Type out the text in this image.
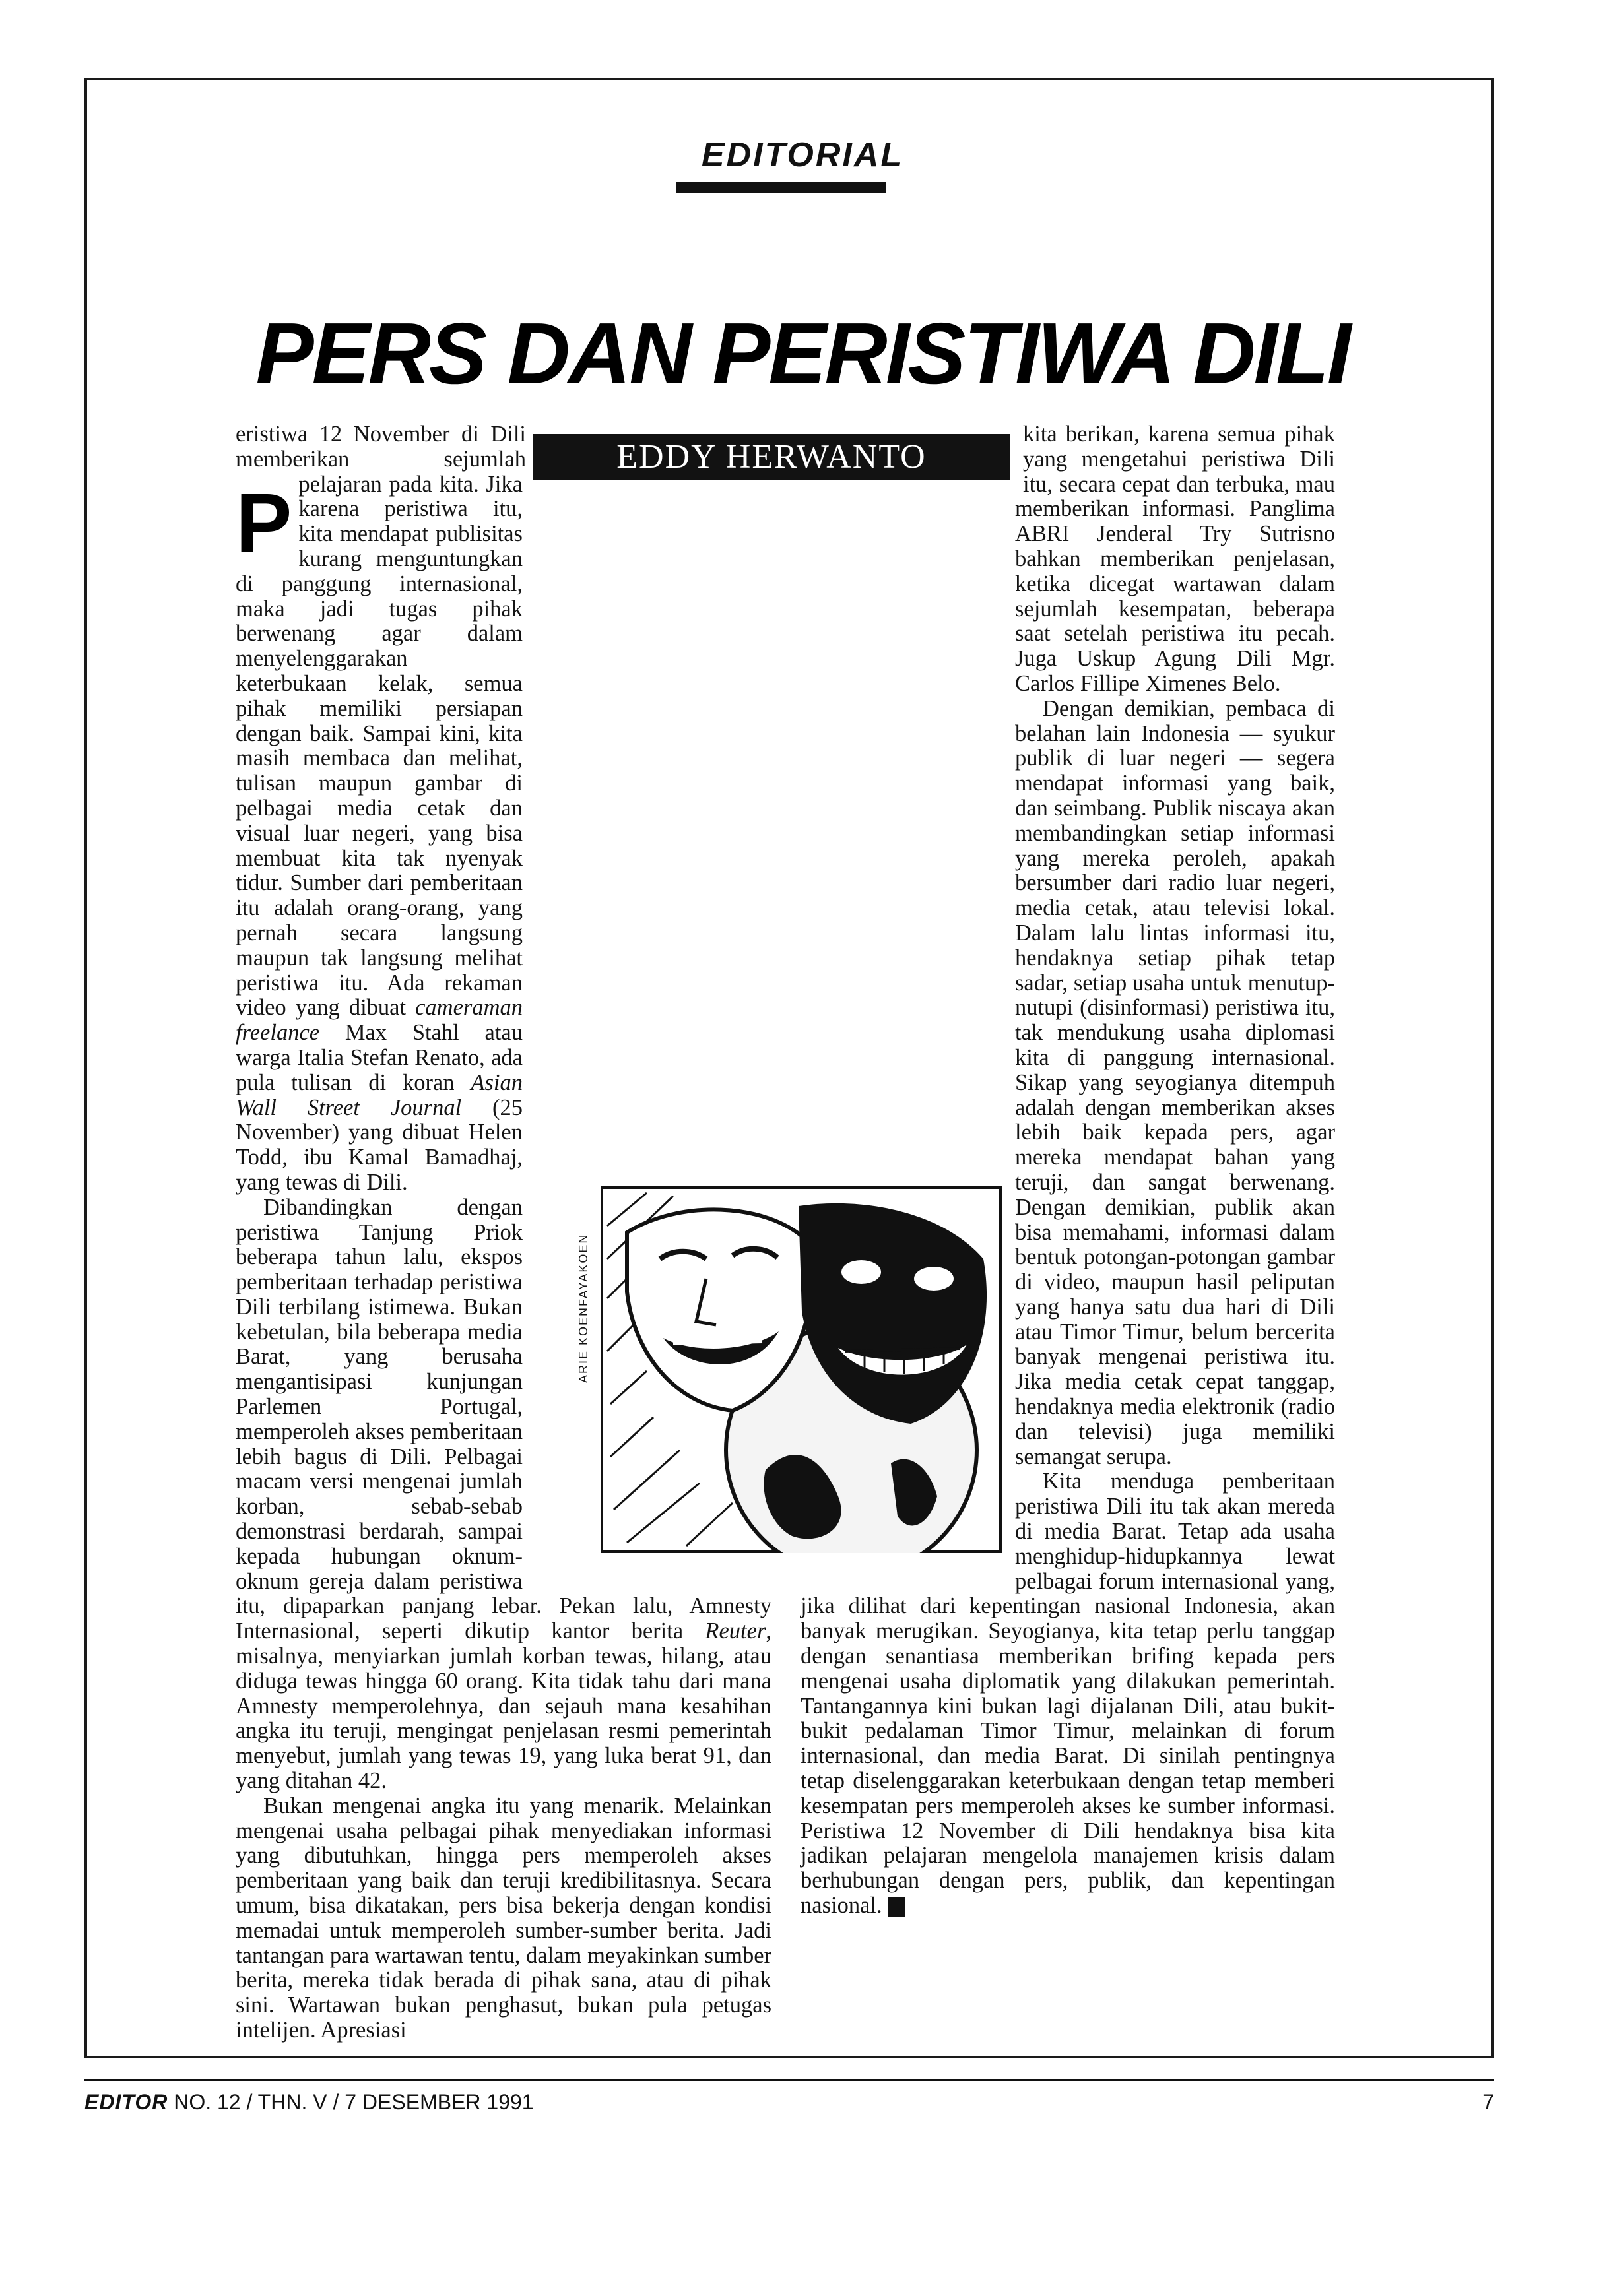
EDITORIAL
PERS DAN PERISTIWA DILI
EDDY HERWANTO

P
eristiwa 12 November di Dili memberikan sejumlah pelajaran pada kita. Jika karena peristiwa itu, kita mendapat publisitas kurang menguntungkan di panggung internasional, maka jadi tugas pihak berwenang agar dalam menyelenggarakan keterbukaan kelak, semua pihak memiliki persiapan dengan baik. Sampai kini, kita masih membaca dan melihat, tulisan maupun gambar di pelbagai media cetak dan visual luar negeri, yang bisa membuat kita tak nyenyak tidur. Sumber dari pemberitaan itu adalah orang-orang, yang pernah secara langsung maupun tak langsung melihat peristiwa itu. Ada rekaman video yang dibuat cameraman freelance Max Stahl atau warga Italia Stefan Renato, ada pula tulisan di koran Asian Wall Street Journal (25 November) yang dibuat Helen Todd, ibu Kamal Bamadhaj, yang tewas di Dili.

Dibandingkan dengan peristiwa Tanjung Priok beberapa tahun lalu, ekspos pemberitaan terhadap peristiwa Dili terbilang istimewa. Bukan kebetulan, bila beberapa media Barat, yang berusaha mengantisipasi kunjungan Parlemen Portugal, memperoleh akses pemberitaan lebih bagus di Dili. Pelbagai macam versi mengenai jumlah korban, sebab-sebab demonstrasi berdarah, sampai kepada hubungan oknum-oknum gereja dalam peristiwa itu, dipaparkan panjang lebar. Pekan lalu, Amnesty Internasional, seperti dikutip kantor berita Reuter, misalnya, menyiarkan jumlah korban tewas, hilang, atau diduga tewas hingga 60 orang. Kita tidak tahu dari mana Amnesty memperolehnya, dan sejauh mana kesahihan angka itu teruji, mengingat penjelasan resmi pemerintah menyebut, jumlah yang tewas 19, yang luka berat 91, dan yang ditahan 42.

Bukan mengenai angka itu yang menarik. Melainkan mengenai usaha pelbagai pihak menyediakan informasi yang dibutuhkan, hingga pers memperoleh akses pemberitaan yang baik dan teruji kredibilitasnya. Secara umum, bisa dikatakan, pers bisa bekerja dengan kondisi memadai untuk memperoleh sumber-sumber berita. Jadi tantangan para wartawan tentu, dalam meyakinkan sumber berita, mereka tidak berada di pihak sana, atau di pihak sini. Wartawan bukan penghasut, bukan pula petugas intelijen. Apresiasi

kita berikan, karena semua pihak yang mengetahui peristiwa Dili itu, secara cepat dan terbuka, mau memberikan informasi. Panglima ABRI Jenderal Try Sutrisno bahkan memberikan penjelasan, ketika dicegat wartawan dalam sejumlah kesempatan, beberapa saat setelah peristiwa itu pecah. Juga Uskup Agung Dili Mgr. Carlos Fillipe Ximenes Belo.

Dengan demikian, pembaca di belahan lain Indonesia — syukur publik di luar negeri — segera mendapat informasi yang baik, dan seimbang. Publik niscaya akan membandingkan setiap informasi yang mereka peroleh, apakah bersumber dari radio luar negeri, media cetak, atau televisi lokal. Dalam lalu lintas informasi itu, hendaknya setiap pihak tetap sadar, setiap usaha untuk menutup-nutupi (disinformasi) peristiwa itu, tak mendukung usaha diplomasi kita di panggung internasional. Sikap yang seyogianya ditempuh adalah dengan memberikan akses lebih baik kepada pers, agar mereka mendapat bahan yang teruji, dan sangat berwenang. Dengan demikian, publik akan bisa memahami, informasi dalam bentuk potongan-potongan gambar di video, maupun hasil peliputan yang hanya satu dua hari di Dili atau Timor Timur, belum bercerita banyak mengenai peristiwa itu. Jika media cetak cepat tanggap, hendaknya media elektronik (radio dan televisi) juga memiliki semangat serupa.

Kita menduga pemberitaan peristiwa Dili itu tak akan mereda di media Barat. Tetap ada usaha menghidup-hidupkannya lewat pelbagai forum internasional yang, jika dilihat dari kepentingan nasional Indonesia, akan banyak merugikan. Seyogianya, kita tetap perlu tanggap dengan senantiasa memberikan brifing kepada pers mengenai usaha diplomatik yang dilakukan pemerintah. Tantangannya kini bukan lagi dijalanan Dili, atau bukit-bukit pedalaman Timor Timur, melainkan di forum internasional, dan media Barat. Di sinilah pentingnya tetap diselenggarakan keterbukaan dengan tetap memberi kesempatan pers memperoleh akses ke sumber informasi. Peristiwa 12 November di Dili hendaknya bisa kita jadikan pelajaran mengelola manajemen krisis dalam berhubungan dengan pers, publik, dan kepentingan nasional. E

ARIE KOENFAYAKOEN
EDITOR NO. 12 / THN. V / 7 DESEMBER 1991	7
